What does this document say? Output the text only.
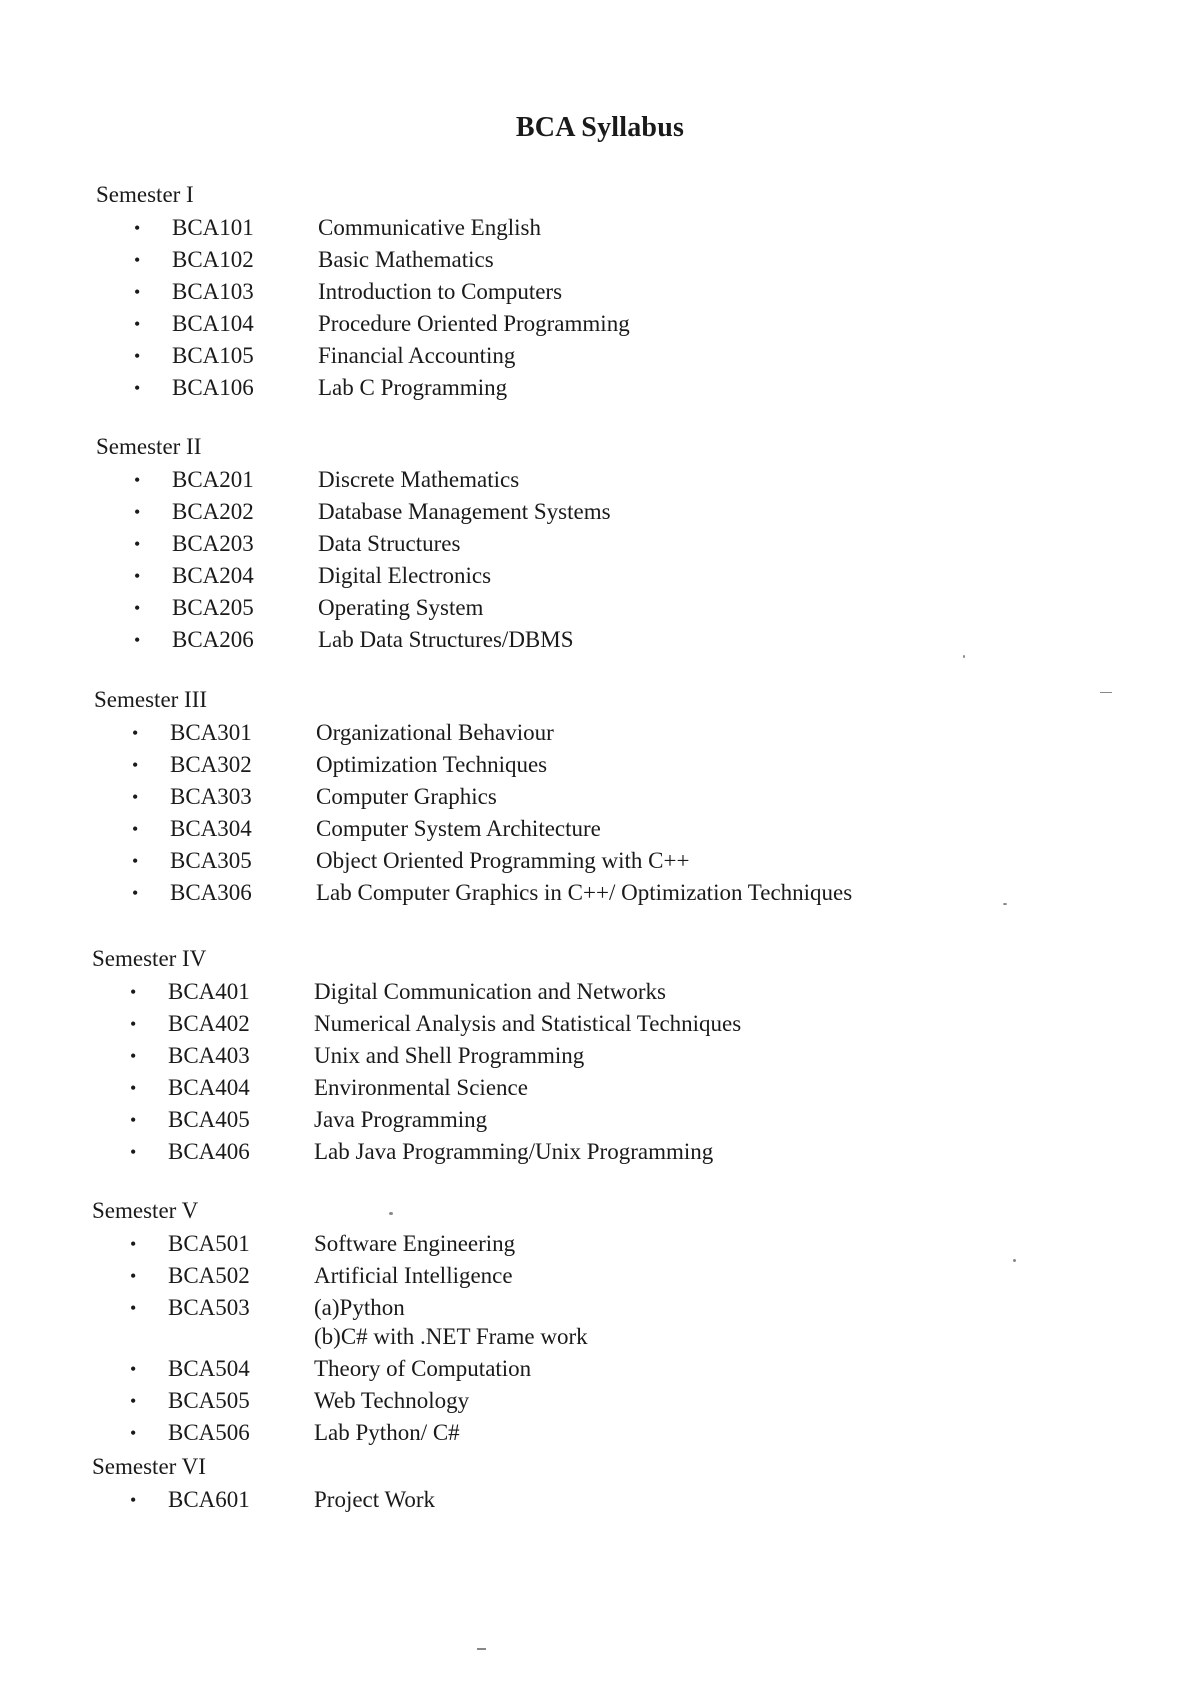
BCA Syllabus
Semester I
• BCA101	Communicative English
• BCA102	Basic Mathematics
• BCA103	Introduction to Computers
• BCA104	Procedure Oriented Programming
• BCA105	Financial Accounting
• BCA106	Lab C Programming
Semester II
• BCA201	Discrete Mathematics
• BCA202	Database Management Systems
• BCA203	Data Structures
• BCA204	Digital Electronics
• BCA205	Operating System
• BCA206	Lab Data Structures/DBMS
Semester III
• BCA301	Organizational Behaviour
• BCA302	Optimization Techniques
• BCA303	Computer Graphics
• BCA304	Computer System Architecture
• BCA305	Object Oriented Programming with C++
• BCA306	Lab Computer Graphics in C++/ Optimization Techniques
Semester IV
• BCA401	Digital Communication and Networks
• BCA402	Numerical Analysis and Statistical Techniques
• BCA403	Unix and Shell Programming
• BCA404	Environmental Science
• BCA405	Java Programming
• BCA406	Lab Java Programming/Unix Programming
Semester V
• BCA501	Software Engineering
• BCA502	Artificial Intelligence
• BCA503	(a)Python
(b)C# with .NET Frame work
• BCA504	Theory of Computation
• BCA505	Web Technology
• BCA506	Lab Python/ C#
Semester VI
• BCA601	Project Work
